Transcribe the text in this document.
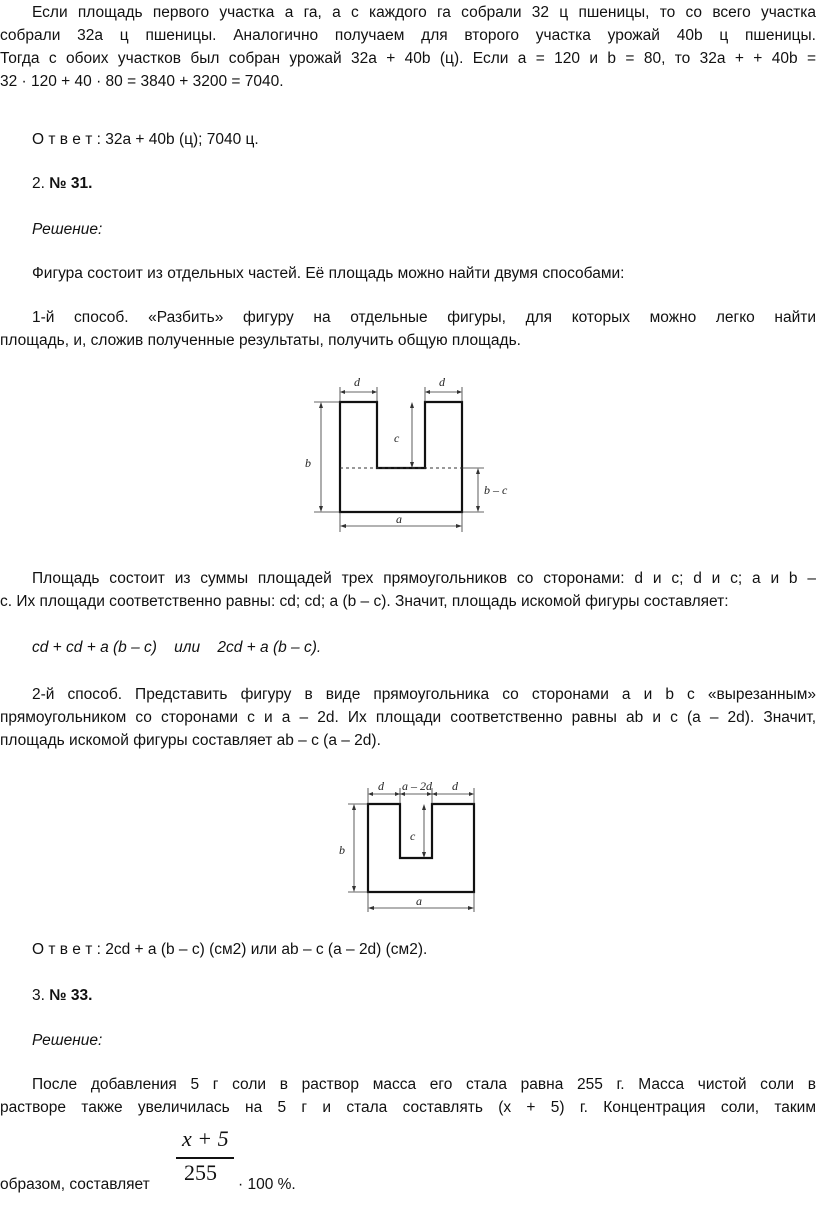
Если площадь первого участка a га, а с каждого га собрали 32 ц пшеницы, то со всего участка
собрали 32a ц пшеницы. Аналогично получаем для второго участка урожай 40b ц пшеницы.
Тогда с обоих участков был собран урожай 32a + 40b (ц). Если a = 120 и b = 80, то 32a + + 40b =
32 · 120 + 40 · 80 = 3840 + 3200 = 7040.
О т в е т : 32a + 40b (ц); 7040 ц.
2. № 31.
Решение:
Фигура состоит из отдельных частей. Её площадь можно найти двумя способами:
1-й способ. «Разбить» фигуру на отдельные фигуры, для которых можно легко найти
площадь, и, сложив полученные результаты, получить общую площадь.
d	d
c
b
b – c
a
Площадь состоит из суммы площадей трех прямоугольников со сторонами: d и c; d и c; a и b –
c. Их площади соответственно равны: cd; cd; a (b – c). Значит, площадь искомой фигуры составляет:
cd + cd + a (b – c)    или    2cd + a (b – c).
2-й способ. Представить фигуру в виде прямоугольника со сторонами a и b с «вырезанным»
прямоугольником со сторонами c и a – 2d. Их площади соответственно равны ab и c (a – 2d). Значит,
площадь искомой фигуры составляет ab – c (a – 2d).
d a – 2d d
c
b
a
О т в е т : 2cd + a (b – c) (см2) или ab – c (a – 2d) (см2).
3. № 33.
Решение:
После добавления 5 г соли в раствор масса его стала равна 255 г. Масса чистой соли в
растворе также увеличилась на 5 г и стала составлять (x + 5) г. Концентрация соли, таким
x + 5
255
образом, составляет	· 100 %.
